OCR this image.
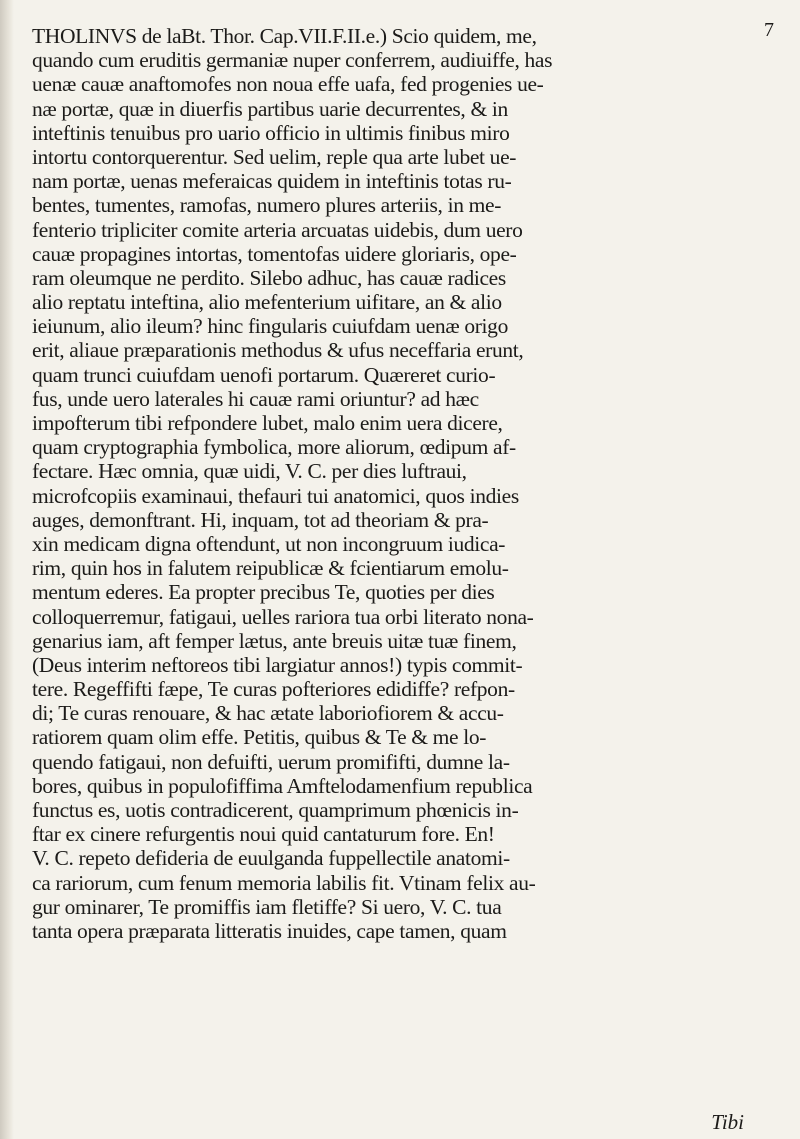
7

THOLINVS de laBt. Thor. Cap.VII.F.II.e.) Scio quidem, me,
quando cum eruditis germaniæ nuper conferrem, audiuiffe, has
uenæ cauæ anaftomofes non noua effe uafa, fed progenies ue-
næ portæ, quæ in diuerfis partibus uarie decurrentes, & in
inteftinis tenuibus pro uario officio in ultimis finibus miro
intortu contorquerentur. Sed uelim, reple qua arte lubet ue-
nam portæ, uenas meferaicas quidem in inteftinis totas ru-
bentes, tumentes, ramofas, numero plures arteriis, in me-
fenterio tripliciter comite arteria arcuatas uidebis, dum uero
cauæ propagines intortas, tomentofas uidere gloriaris, ope-
ram oleumque ne perdito. Silebo adhuc, has cauæ radices
alio reptatu inteftina, alio mefenterium uifitare, an & alio
ieiunum, alio ileum? hinc fingularis cuiufdam uenæ origo
erit, aliaue præparationis methodus & ufus neceffaria erunt,
quam trunci cuiufdam uenofi portarum. Quæreret curio-
fus, unde uero laterales hi cauæ rami oriuntur? ad hæc
impofterum tibi refpondere lubet, malo enim uera dicere,
quam cryptographia fymbolica, more aliorum, œdipum af-
fectare. Hæc omnia, quæ uidi, V. C. per dies luftraui,
microfcopiis examinaui, thefauri tui anatomici, quos indies
auges, demonftrant. Hi, inquam, tot ad theoriam & pra-
xin medicam digna oftendunt, ut non incongruum iudica-
rim, quin hos in falutem reipublicæ & fcientiarum emolu-
mentum ederes. Ea propter precibus Te, quoties per dies
colloquerremur, fatigaui, uelles rariora tua orbi literato nona-
genarius iam, aft femper lætus, ante breuis uitæ tuæ finem,
(Deus interim neftoreos tibi largiatur annos!) typis commit-
tere. Regeffifti fæpe, Te curas pofteriores edidiffe? refpon-
di; Te curas renouare, & hac ætate laboriofiorem & accu-
ratiorem quam olim effe. Petitis, quibus & Te & me lo-
quendo fatigaui, non defuifti, uerum promififti, dumne la-
bores, quibus in populofiffima Amftelodamenfium republica
functus es, uotis contradicerent, quamprimum phœnicis in-
ftar ex cinere refurgentis noui quid cantaturum fore. En!
V. C. repeto defideria de euulganda fuppellectile anatomi-
ca rariorum, cum fenum memoria labilis fit. Vtinam felix au-
gur ominarer, Te promiffis iam fletiffe? Si uero, V. C. tua
tanta opera præparata litteratis inuides, cape tamen, quam

Tibi
